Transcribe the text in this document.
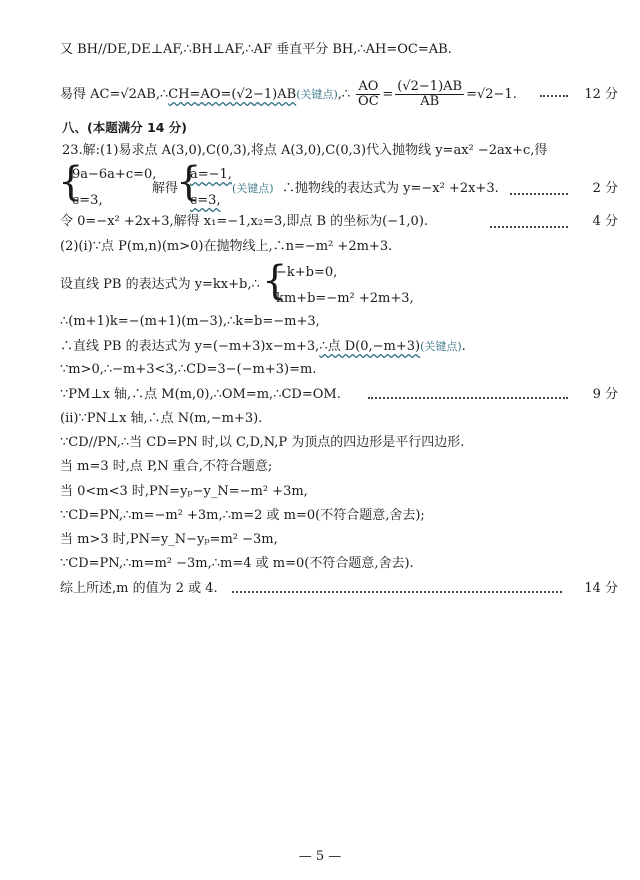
又 BH//DE,DE⊥AF,∴BH⊥AF,∴AF 垂直平分 BH,∴AH=OC=AB.
易得 AC=√2AB,∴CH=AO=(√2−1)AB(关键点),∴ $\frac{AO}{OC} = \frac{(√2-1)AB}{AB} =√2-1$.	12 分
八、(本题满分 14 分)
23.解:(1)易求点 A(3,0),C(0,3),将点 A(3,0),C(0,3)代入抛物线 y=ax² −2ax+c,得
{
9a−6a+c=0,
c=3,
解得
{
a=−1,
c=3,
(关键点) ∴抛物线的表达式为 y=−x² +2x+3.	2 分
令 0=−x² +2x+3,解得 x₁=−1,x₂=3,即点 B 的坐标为(−1,0).	4 分
(2)(ⅰ)∵点 P(m,n)(m>0)在抛物线上,∴n=−m² +2m+3.
设直线 PB 的表达式为 y=kx+b,∴ {
−k+b=0,
km+b=−m² +2m+3,
∴(m+1)k=−(m+1)(m−3),∴k=b=−m+3,
∴直线 PB 的表达式为 y=(−m+3)x−m+3,∴点 D(0,−m+3)(关键点).
∵m>0,∴−m+3<3,∴CD=3−(−m+3)=m.
∵PM⊥x 轴,∴点 M(m,0),∴OM=m,∴CD=OM.	9 分
(ⅱ)∵PN⊥x 轴,∴点 N(m,−m+3).
∵CD//PN,∴当 CD=PN 时,以 C,D,N,P 为顶点的四边形是平行四边形.
当 m=3 时,点 P,N 重合,不符合题意;
当 0<m<3 时,PN=yₚ−y_N=−m² +3m,
∵CD=PN,∴m=−m² +3m,∴m=2 或 m=0(不符合题意,舍去);
当 m>3 时,PN=y_N−yₚ=m² −3m,
∵CD=PN,∴m=m² −3m,∴m=4 或 m=0(不符合题意,舍去).
综上所述,m 的值为 2 或 4.	14 分
— 5 —
